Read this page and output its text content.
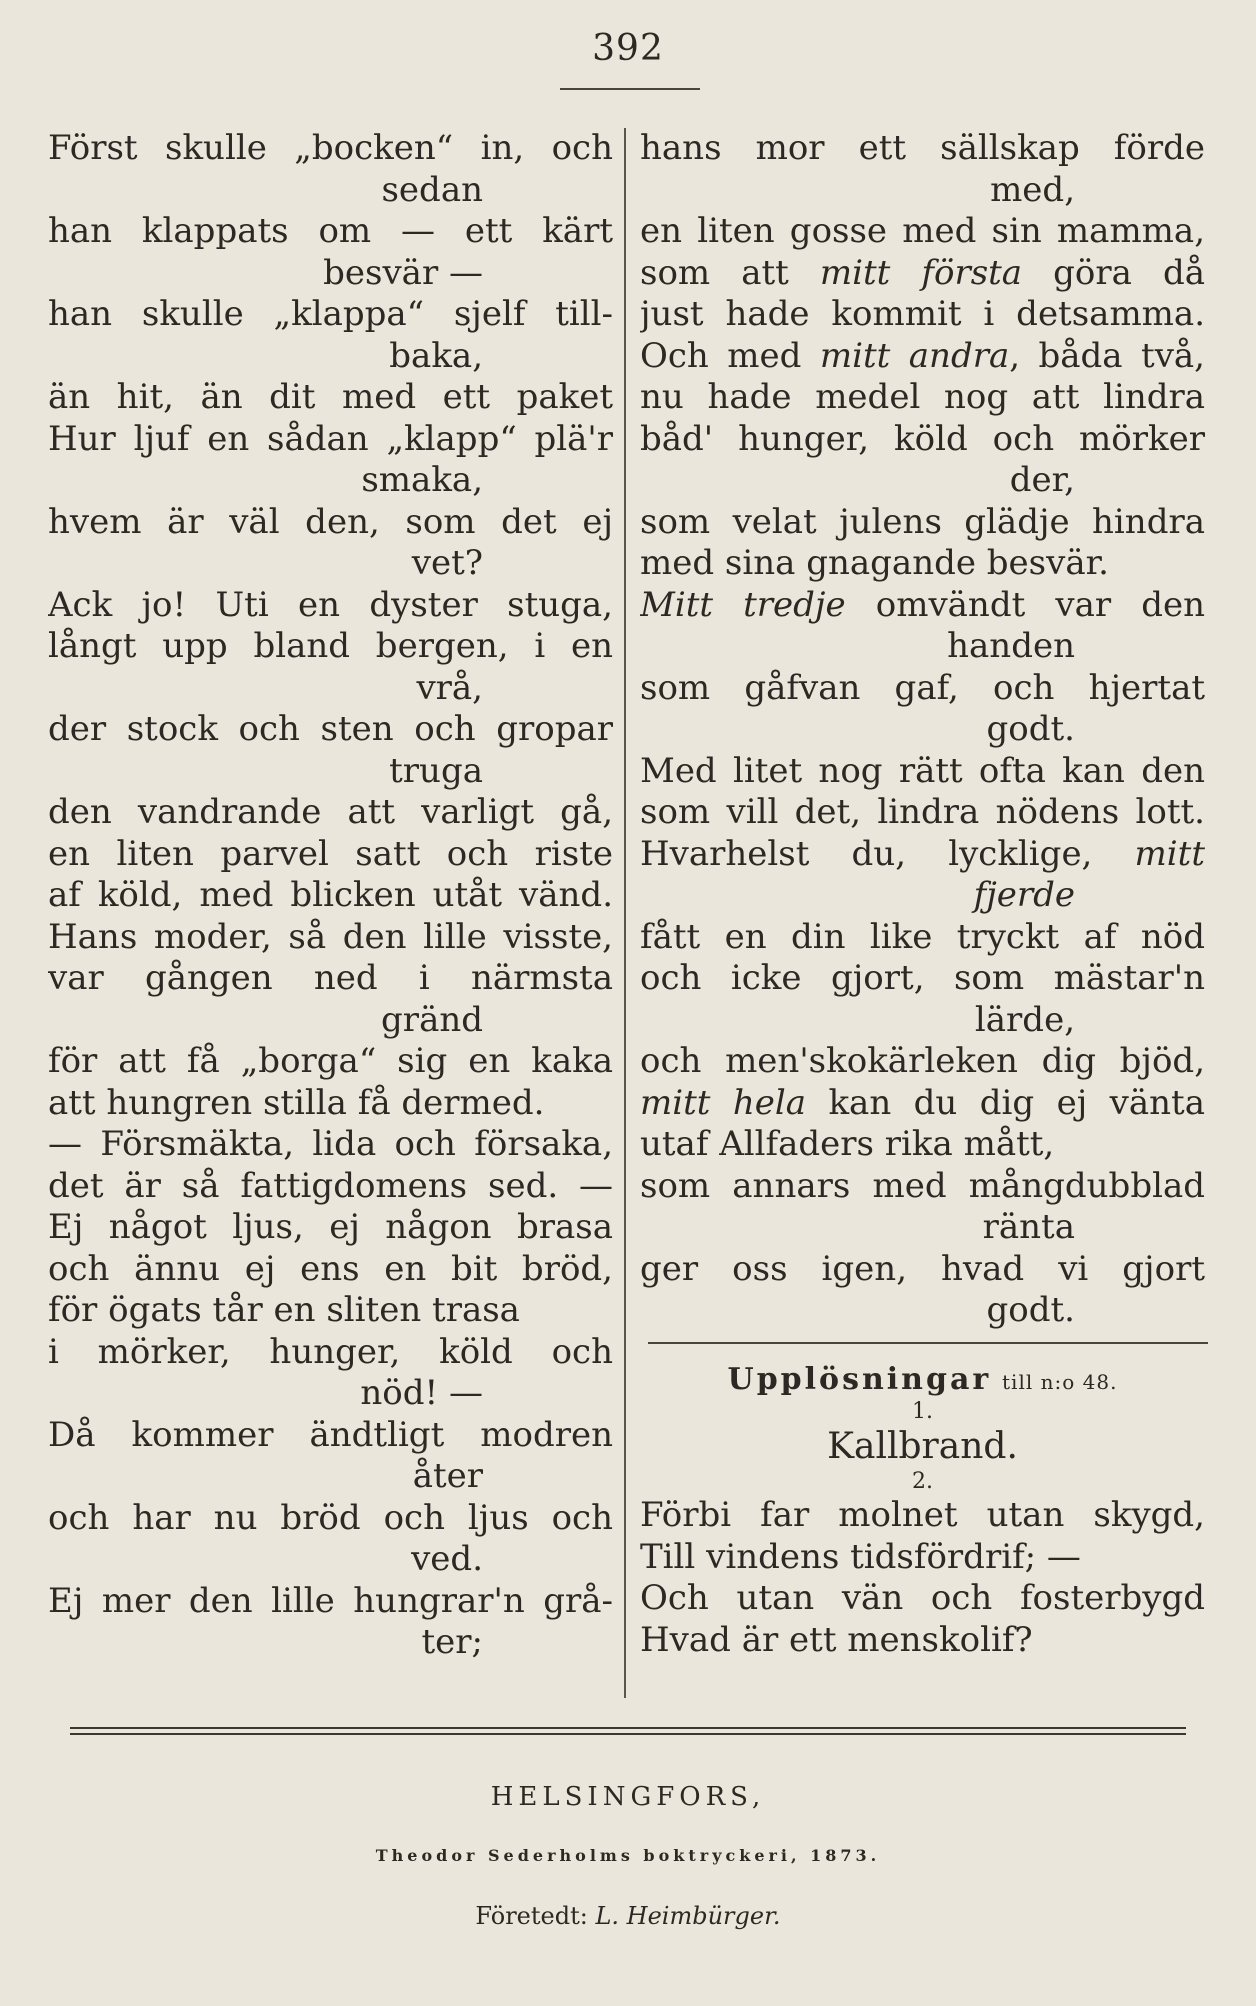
392
Först skulle „bocken“ in, och
sedan
han klappats om — ett kärt
besvär —
han skulle „klappa“ sjelf till-
baka,
än hit, än dit med ett paket
Hur ljuf en sådan „klapp“ plä'r
smaka,
hvem är väl den, som det ej
vet?
Ack jo! Uti en dyster stuga,
långt upp bland bergen, i en
vrå,
der stock och sten och gropar
truga
den vandrande att varligt gå,
en liten parvel satt och riste
af köld, med blicken utåt vänd.
Hans moder, så den lille visste,
var gången ned i närmsta
gränd
för att få „borga“ sig en kaka
att hungren stilla få dermed.
— Försmäkta, lida och försaka,
det är så fattigdomens sed. —
Ej något ljus, ej någon brasa
och ännu ej ens en bit bröd,
för ögats tår en sliten trasa
i mörker, hunger, köld och
nöd! —
Då kommer ändtligt modren
åter
och har nu bröd och ljus och
ved.
Ej mer den lille hungrar'n grå-
ter;
hans mor ett sällskap förde
med,
en liten gosse med sin mamma,
som att mitt första göra då
just hade kommit i detsamma.
Och med mitt andra, båda två,
nu hade medel nog att lindra
båd' hunger, köld och mörker
der,
som velat julens glädje hindra
med sina gnagande besvär.
Mitt tredje omvändt var den
handen
som gåfvan gaf, och hjertat
godt.
Med litet nog rätt ofta kan den
som vill det, lindra nödens lott.
Hvarhelst du, lycklige, mitt
fjerde
fått en din like tryckt af nöd
och icke gjort, som mästar'n
lärde,
och men'skokärleken dig bjöd,
mitt hela kan du dig ej vänta
utaf Allfaders rika mått,
som annars med mångdubblad
ränta
ger oss igen, hvad vi gjort
godt.
Upplösningar till n:o 48.
1.
Kallbrand.
2.
Förbi far molnet utan skygd,
Till vindens tidsfördrif; —
Och utan vän och fosterbygd
Hvad är ett menskolif?
HELSINGFORS,
Theodor Sederholms boktryckeri, 1873.
Företedt: L. Heimbürger.
